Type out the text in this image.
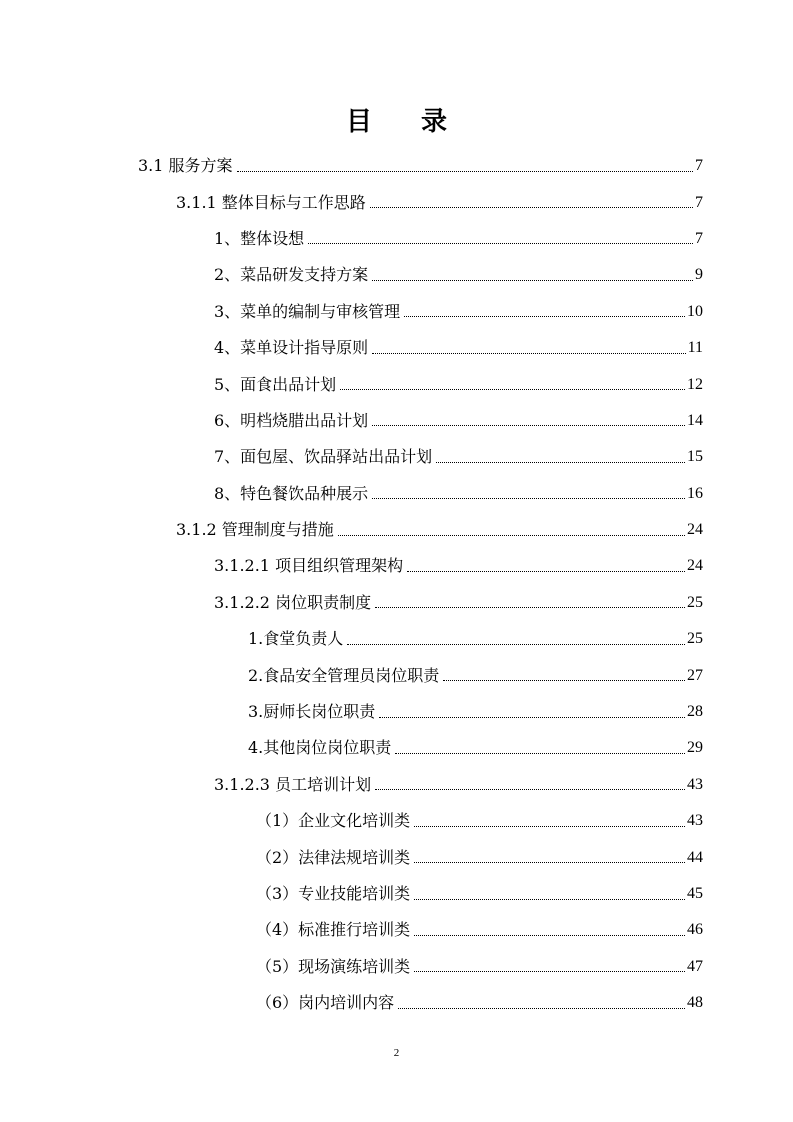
目 录
3.1 服务方案	7
3.1.1 整体目标与工作思路	7
1、整体设想	7
2、菜品研发支持方案	9
3、菜单的编制与审核管理	10
4、菜单设计指导原则	11
5、面食出品计划	12
6、明档烧腊出品计划	14
7、面包屋、饮品驿站出品计划	15
8、特色餐饮品种展示	16
3.1.2 管理制度与措施	24
3.1.2.1 项目组织管理架构	24
3.1.2.2 岗位职责制度	25
1.食堂负责人	25
2.食品安全管理员岗位职责	27
3.厨师长岗位职责	28
4.其他岗位岗位职责	29
3.1.2.3 员工培训计划	43
（1）企业文化培训类	43
（2）法律法规培训类	44
（3）专业技能培训类	45
（4）标准推行培训类	46
（5）现场演练培训类	47
（6）岗内培训内容	48
2
